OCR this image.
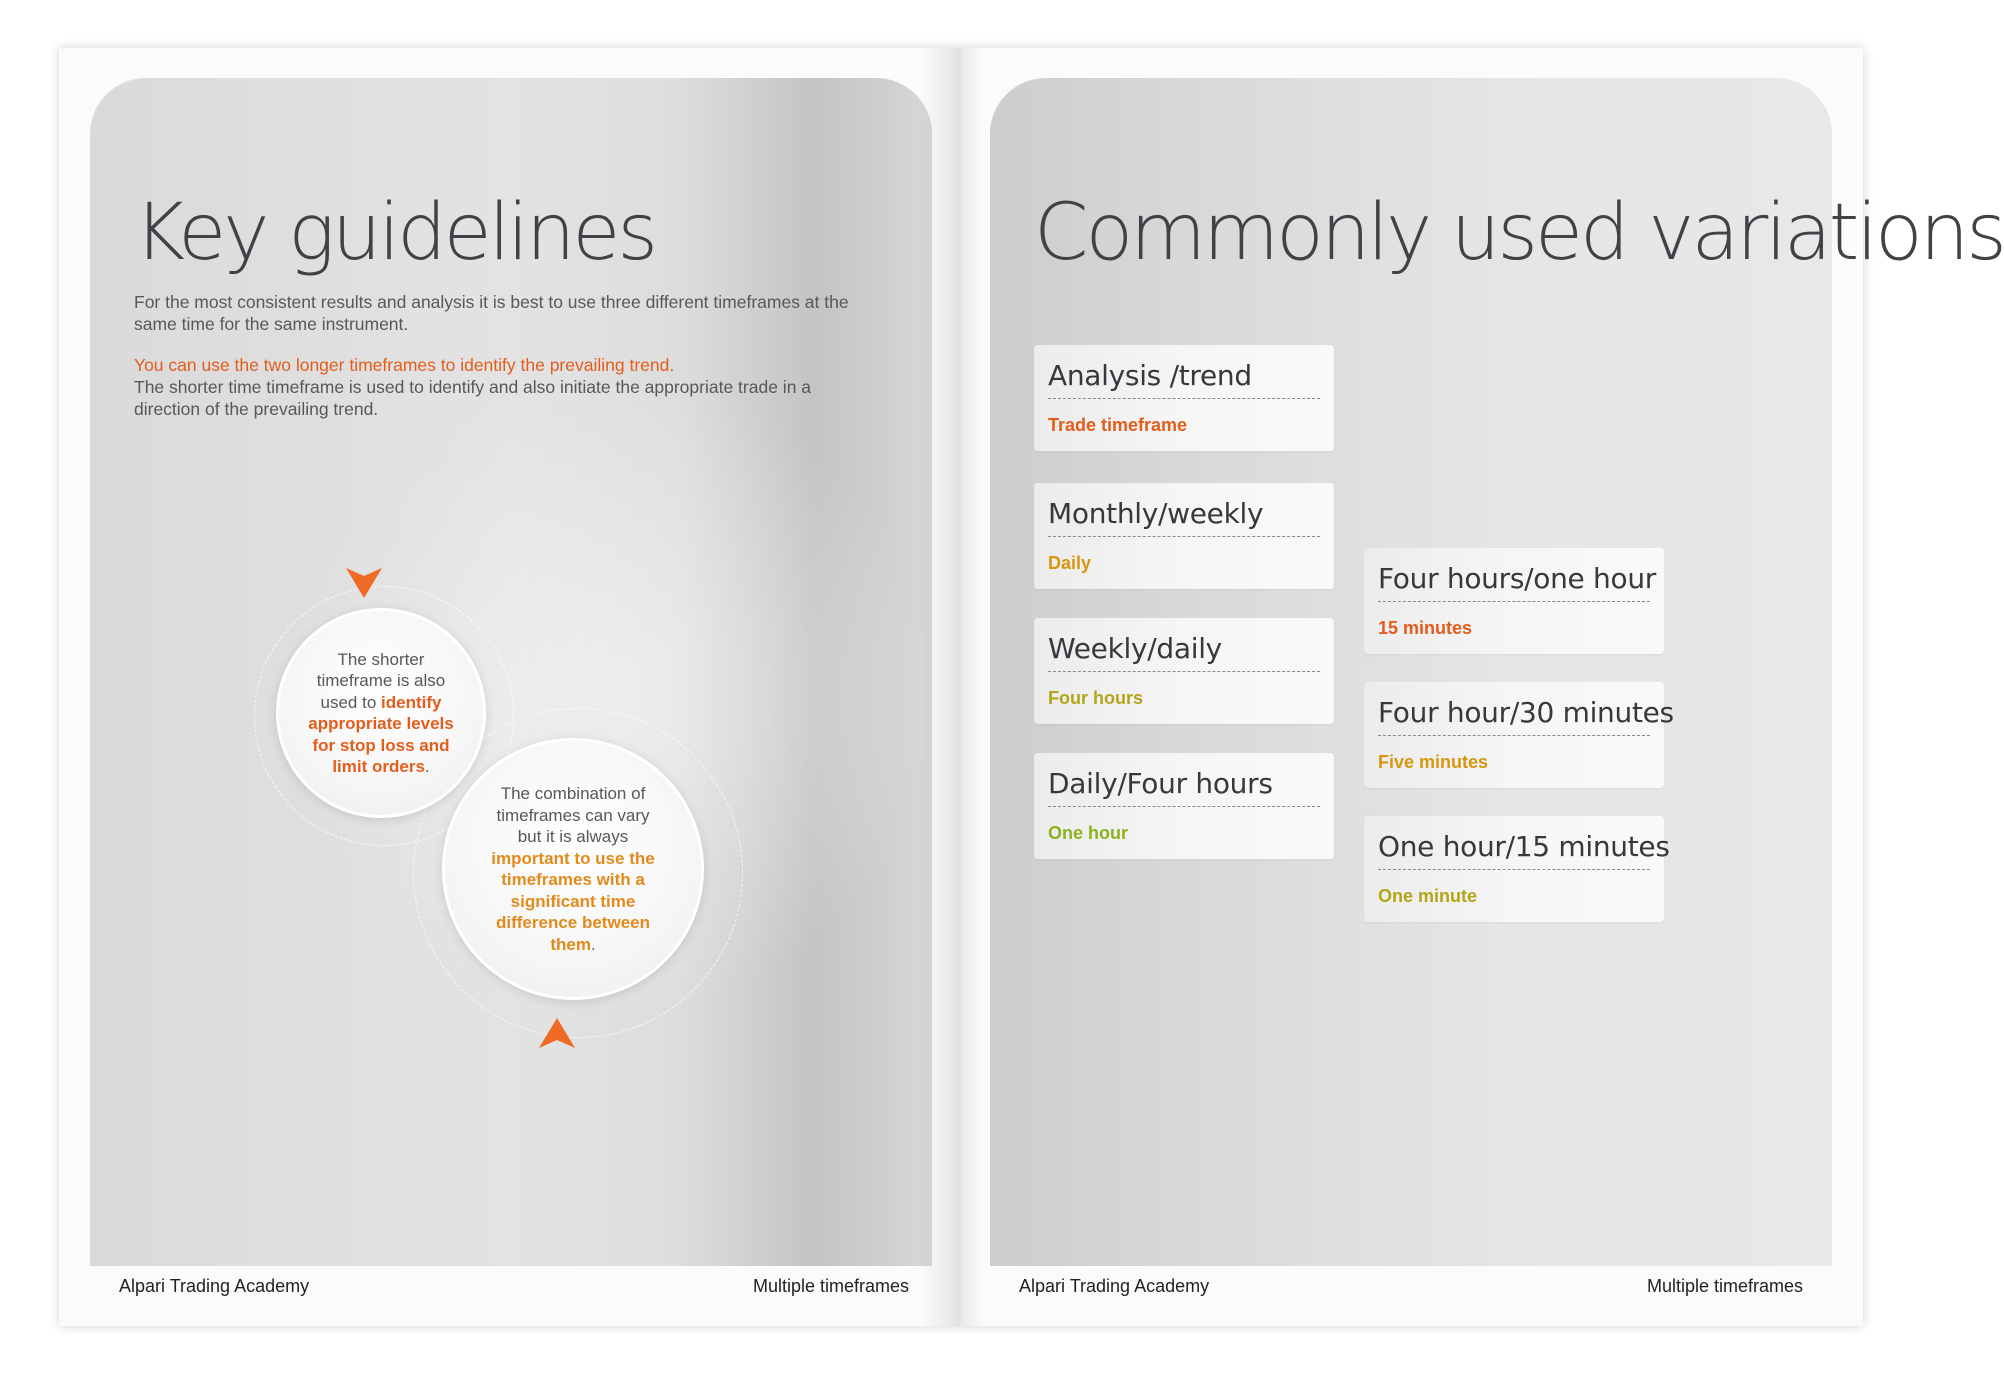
Key guidelines

For the most consistent results and analysis it is best to use three different timeframes at the same time for the same instrument.

You can use the two longer timeframes to identify the prevailing trend.
The shorter time timeframe is used to identify and also initiate the appropriate trade in a direction of the prevailing trend.

The shorter timeframe is also used to identify appropriate levels for stop loss and limit orders.
The combination of timeframes can vary but it is always important to use the timeframes with a significant time difference between them.
Alpari Trading Academy	Multiple timeframes
Commonly used variations
Analysis /trend
Trade timeframe
Monthly/weekly
Daily
Weekly/daily
Four hours
Daily/Four hours
One hour
Four hours/one hour
15 minutes
Four hour/30 minutes
Five minutes
One hour/15 minutes
One minute
Alpari Trading Academy	Multiple timeframes
